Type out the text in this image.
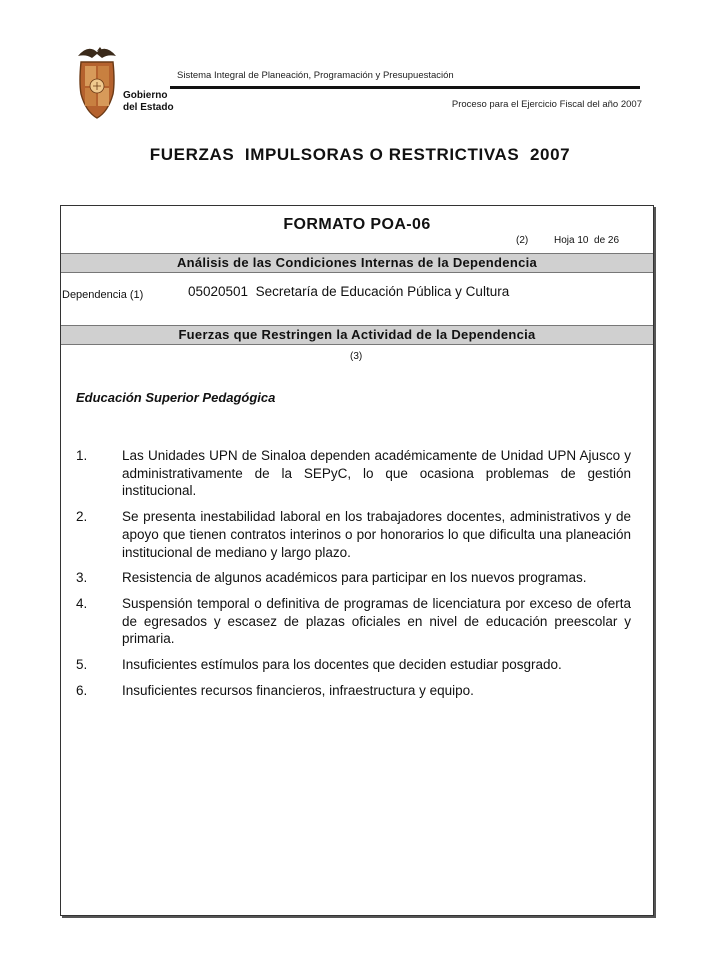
Gobierno
del Estado
Sistema Integral de Planeación, Programación y Presupuestación
Proceso para el Ejercicio Fiscal del año 2007
FUERZAS  IMPULSORAS O RESTRICTIVAS  2007
FORMATO POA-06
(2)	Hoja 10  de 26
Análisis de las Condiciones Internas de la Dependencia
Dependencia (1)	05020501  Secretaría de Educación Pública y Cultura
Fuerzas que Restringen la Actividad de la Dependencia
(3)
Educación Superior Pedagógica
1.	Las Unidades UPN de Sinaloa dependen académicamente de Unidad UPN Ajusco y administrativamente de la SEPyC, lo que ocasiona problemas de gestión institucional.
2.	Se presenta inestabilidad laboral en los trabajadores docentes, administrativos y de apoyo que tienen contratos interinos o por honorarios lo que dificulta una planeación institucional de mediano y largo plazo.
3.	Resistencia de algunos académicos para participar en los nuevos programas.
4.	Suspensión temporal o definitiva de programas de licenciatura por exceso de oferta de egresados y escasez de plazas oficiales en nivel de educación preescolar y primaria.
5.	Insuficientes estímulos para los docentes que deciden estudiar posgrado.
6.	Insuficientes recursos financieros, infraestructura y equipo.
